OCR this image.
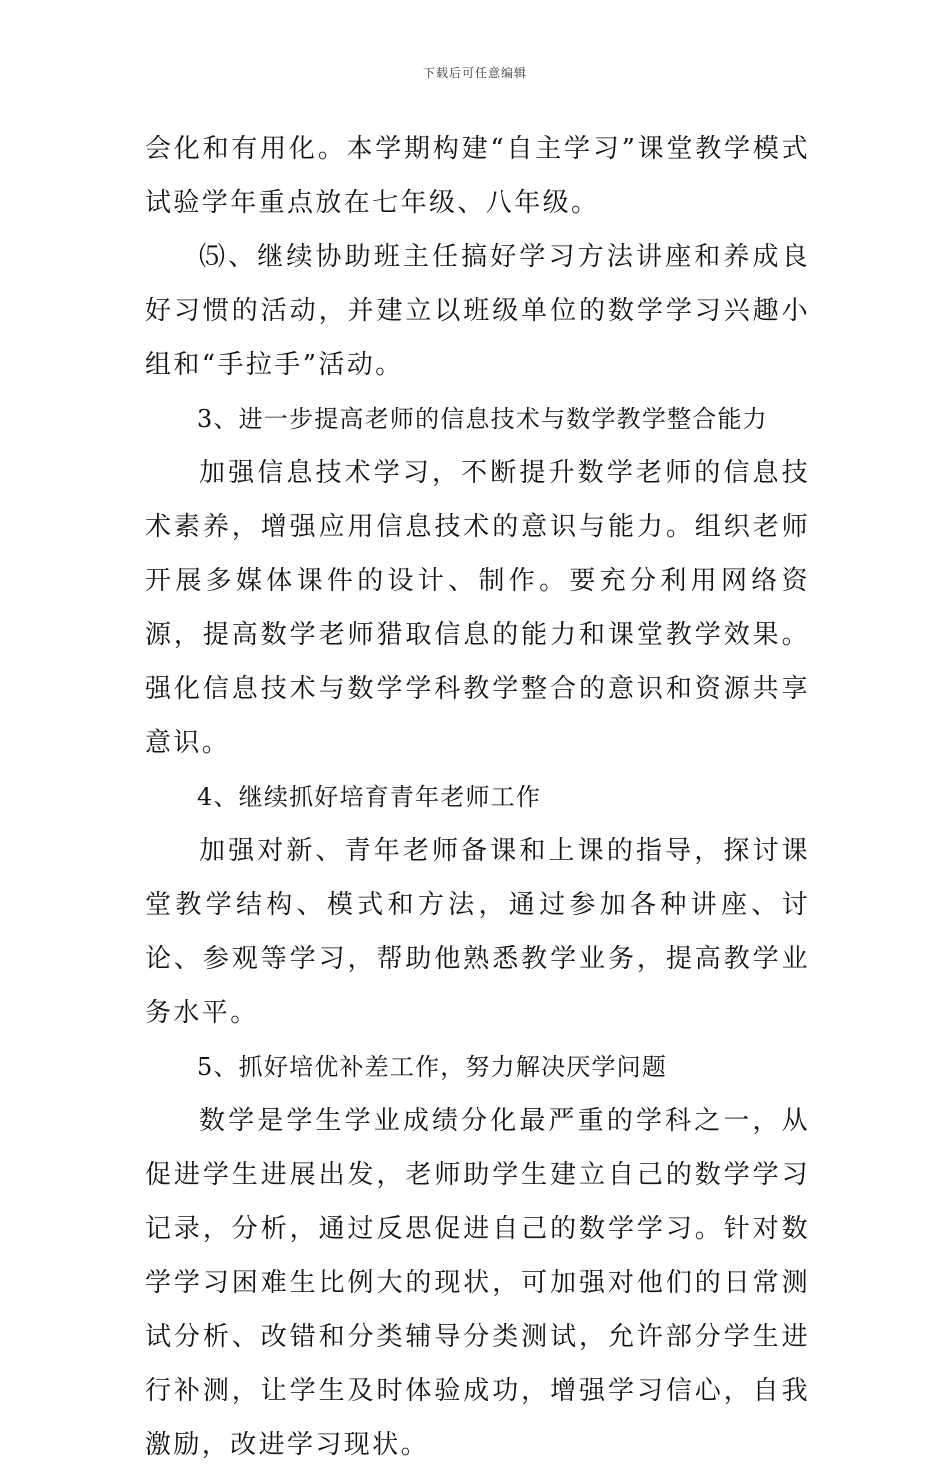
下载后可任意编辑

会化和有用化。本学期构建“自主学习”课堂教学模式试验学年重点放在七年级、八年级。

⑸、继续协助班主任搞好学习方法讲座和养成良好习惯的活动，并建立以班级单位的数学学习兴趣小组和“手拉手”活动。

3、进一步提高老师的信息技术与数学教学整合能力

加强信息技术学习，不断提升数学老师的信息技术素养，增强应用信息技术的意识与能力。组织老师开展多媒体课件的设计、制作。要充分利用网络资源，提高数学老师猎取信息的能力和课堂教学效果。强化信息技术与数学学科教学整合的意识和资源共享意识。

4、继续抓好培育青年老师工作

加强对新、青年老师备课和上课的指导，探讨课堂教学结构、模式和方法，通过参加各种讲座、讨论、参观等学习，帮助他熟悉教学业务，提高教学业务水平。

5、抓好培优补差工作，努力解决厌学问题

数学是学生学业成绩分化最严重的学科之一，从促进学生进展出发，老师助学生建立自己的数学学习记录，分析，通过反思促进自己的数学学习。针对数学学习困难生比例大的现状，可加强对他们的日常测试分析、改错和分类辅导分类测试，允许部分学生进行补测，让学生及时体验成功，增强学习信心，自我激励，改进学习现状。
